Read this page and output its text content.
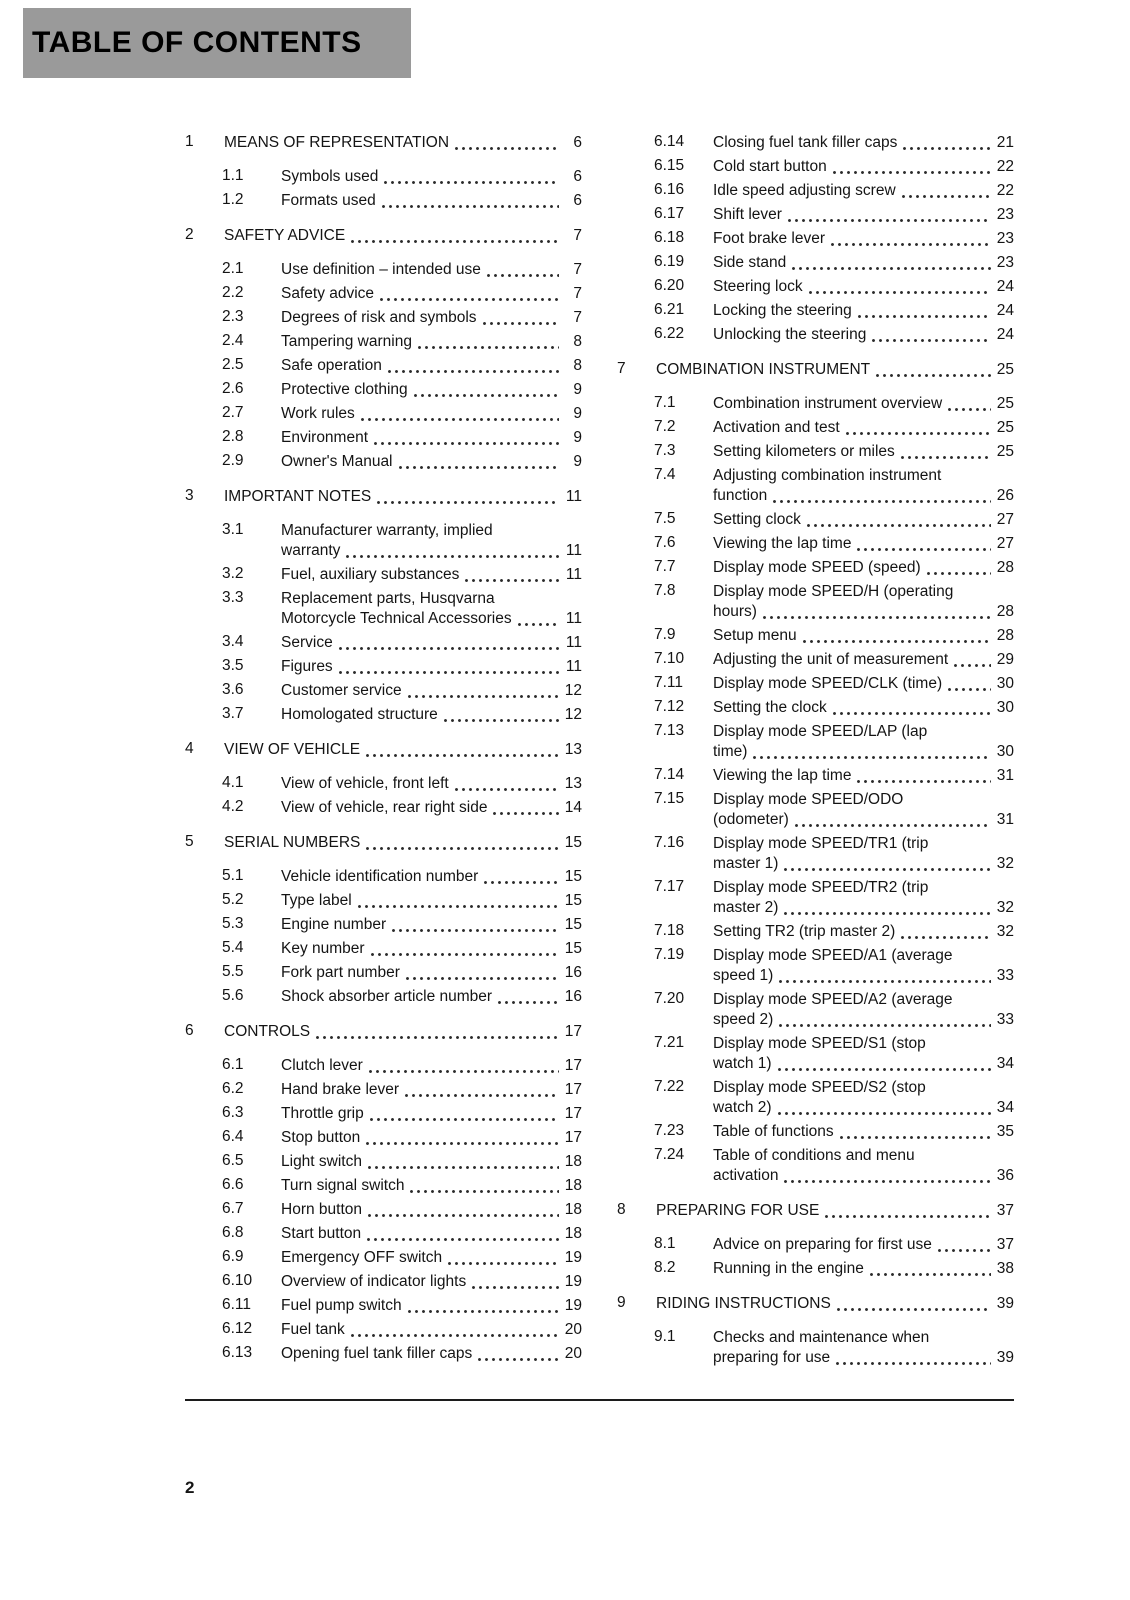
TABLE OF CONTENTS
1	MEANS OF REPRESENTATION	6
1.1	Symbols used	6
1.2	Formats used	6
2	SAFETY ADVICE	7
2.1	Use definition – intended use	7
2.2	Safety advice	7
2.3	Degrees of risk and symbols	7
2.4	Tampering warning	8
2.5	Safe operation	8
2.6	Protective clothing	9
2.7	Work rules	9
2.8	Environment	9
2.9	Owner's Manual	9
3	IMPORTANT NOTES	11
3.1	Manufacturer warranty, implied
warranty	11
3.2	Fuel, auxiliary substances	11
3.3	Replacement parts, Husqvarna
Motorcycle Technical Accessories	11
3.4	Service	11
3.5	Figures	11
3.6	Customer service	12
3.7	Homologated structure	12
4	VIEW OF VEHICLE	13
4.1	View of vehicle, front left	13
4.2	View of vehicle, rear right side	14
5	SERIAL NUMBERS	15
5.1	Vehicle identification number	15
5.2	Type label	15
5.3	Engine number	15
5.4	Key number	15
5.5	Fork part number	16
5.6	Shock absorber article number	16
6	CONTROLS	17
6.1	Clutch lever	17
6.2	Hand brake lever	17
6.3	Throttle grip	17
6.4	Stop button	17
6.5	Light switch	18
6.6	Turn signal switch	18
6.7	Horn button	18
6.8	Start button	18
6.9	Emergency OFF switch	19
6.10	Overview of indicator lights	19
6.11	Fuel pump switch	19
6.12	Fuel tank	20
6.13	Opening fuel tank filler caps	20
6.14	Closing fuel tank filler caps	21
6.15	Cold start button	22
6.16	Idle speed adjusting screw	22
6.17	Shift lever	23
6.18	Foot brake lever	23
6.19	Side stand	23
6.20	Steering lock	24
6.21	Locking the steering	24
6.22	Unlocking the steering	24
7	COMBINATION INSTRUMENT	25
7.1	Combination instrument overview	25
7.2	Activation and test	25
7.3	Setting kilometers or miles	25
7.4	Adjusting combination instrument
function	26
7.5	Setting clock	27
7.6	Viewing the lap time	27
7.7	Display mode SPEED (speed)	28
7.8	Display mode SPEED/H (operating
hours)	28
7.9	Setup menu	28
7.10	Adjusting the unit of measurement	29
7.11	Display mode SPEED/CLK (time)	30
7.12	Setting the clock	30
7.13	Display mode SPEED/LAP (lap
time)	30
7.14	Viewing the lap time	31
7.15	Display mode SPEED/ODO
(odometer)	31
7.16	Display mode SPEED/TR1 (trip
master 1)	32
7.17	Display mode SPEED/TR2 (trip
master 2)	32
7.18	Setting TR2 (trip master 2)	32
7.19	Display mode SPEED/A1 (average
speed 1)	33
7.20	Display mode SPEED/A2 (average
speed 2)	33
7.21	Display mode SPEED/S1 (stop
watch 1)	34
7.22	Display mode SPEED/S2 (stop
watch 2)	34
7.23	Table of functions	35
7.24	Table of conditions and menu
activation	36
8	PREPARING FOR USE	37
8.1	Advice on preparing for first use	37
8.2	Running in the engine	38
9	RIDING INSTRUCTIONS	39
9.1	Checks and maintenance when
preparing for use	39
2
